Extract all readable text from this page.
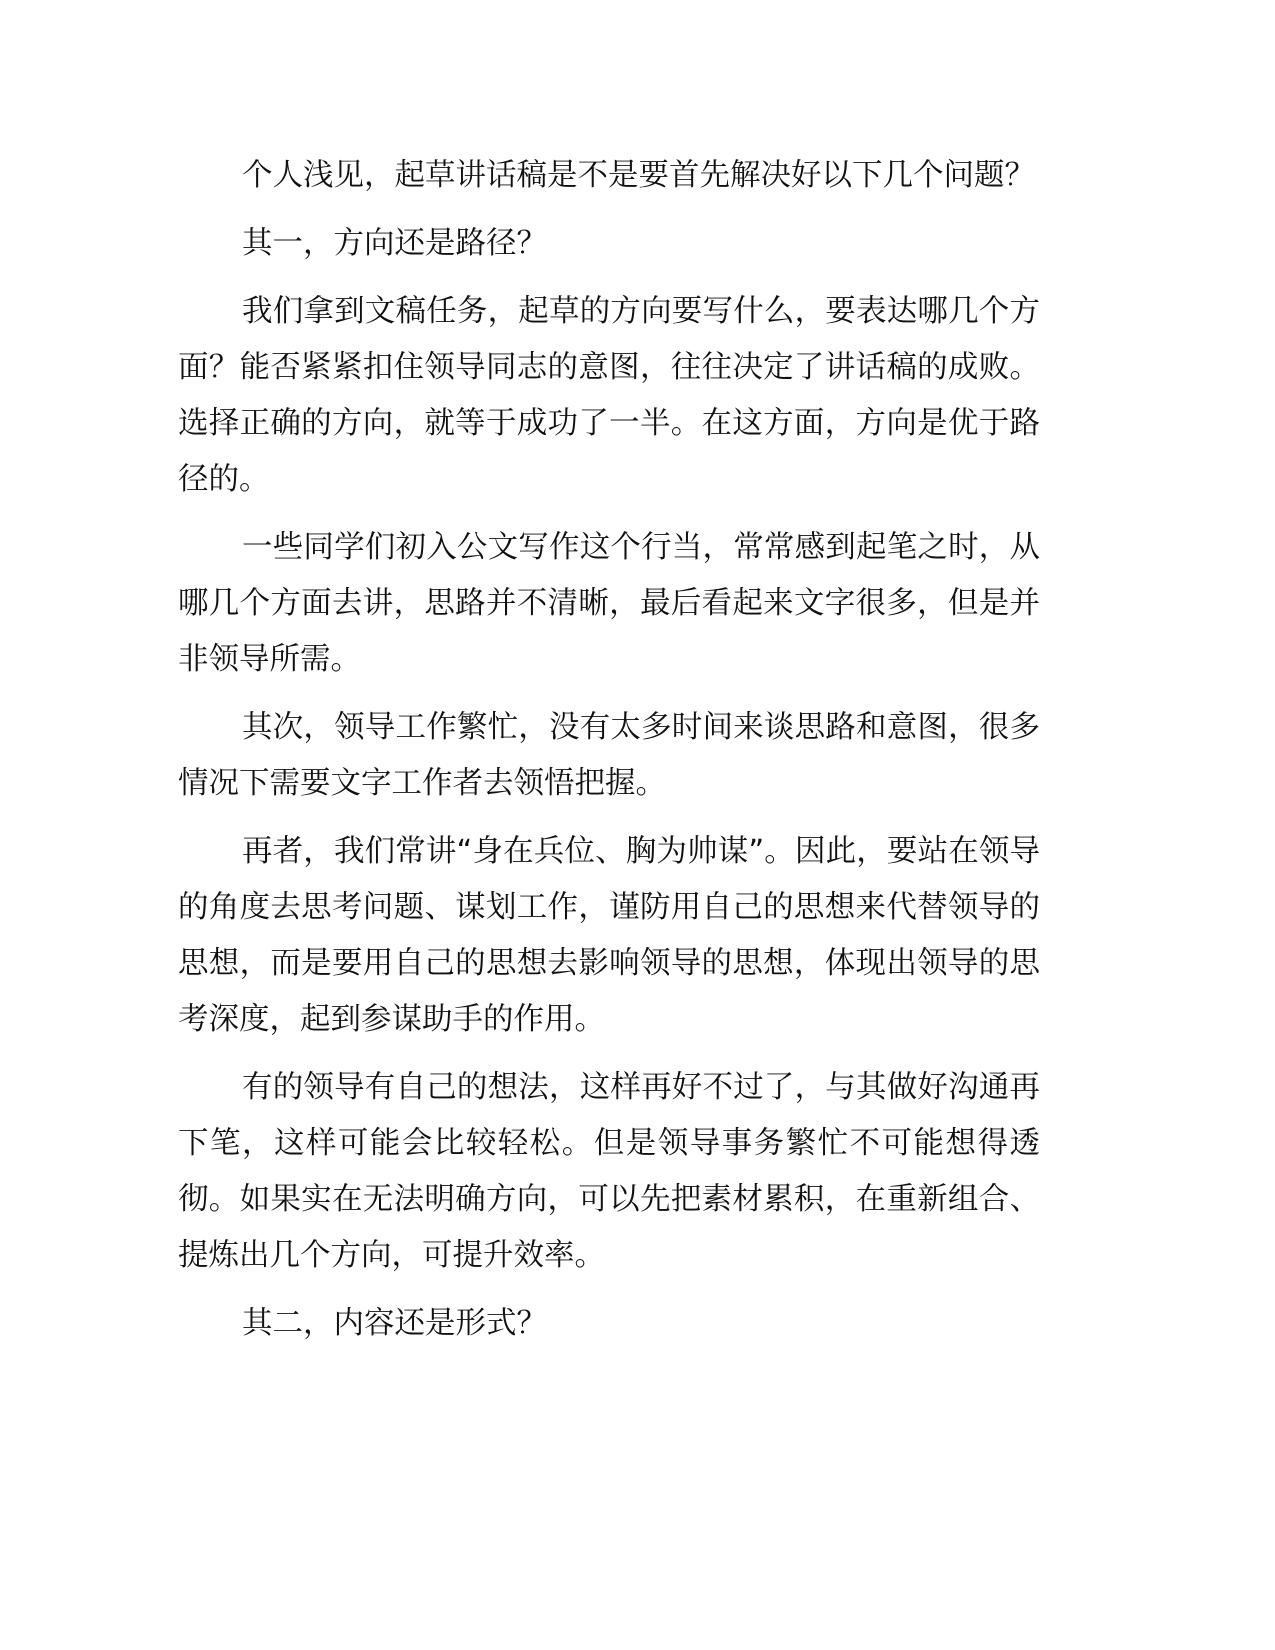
个人浅见，起草讲话稿是不是要首先解决好以下几个问题？

其一，方向还是路径？

我们拿到文稿任务，起草的方向要写什么，要表达哪几个方面？能否紧紧扣住领导同志的意图，往往决定了讲话稿的成败。选择正确的方向，就等于成功了一半。在这方面，方向是优于路径的。

一些同学们初入公文写作这个行当，常常感到起笔之时，从哪几个方面去讲，思路并不清晰，最后看起来文字很多，但是并非领导所需。

其次，领导工作繁忙，没有太多时间来谈思路和意图，很多情况下需要文字工作者去领悟把握。

再者，我们常讲“身在兵位、胸为帅谋”。因此，要站在领导的角度去思考问题、谋划工作，谨防用自己的思想来代替领导的思想，而是要用自己的思想去影响领导的思想，体现出领导的思考深度，起到参谋助手的作用。

有的领导有自己的想法，这样再好不过了，与其做好沟通再下笔，这样可能会比较轻松。但是领导事务繁忙不可能想得透彻。如果实在无法明确方向，可以先把素材累积，在重新组合、提炼出几个方向，可提升效率。

其二，内容还是形式？
